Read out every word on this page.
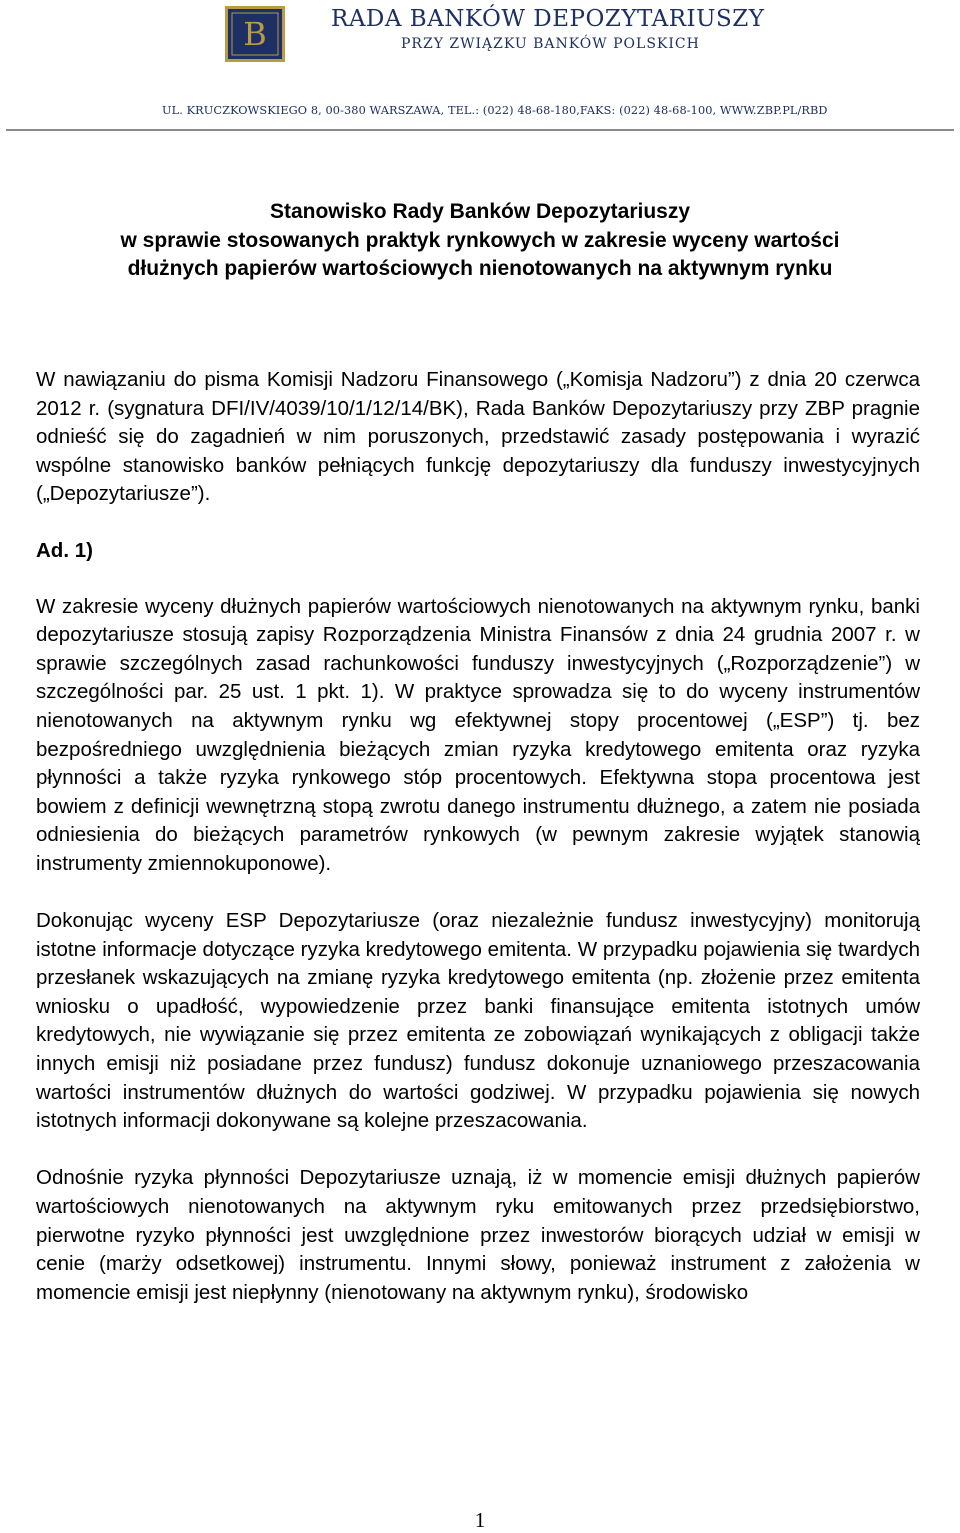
B	RADA BANKÓW DEPOZYTARIUSZY
PRZY ZWIĄZKU BANKÓW POLSKICH
UL. KRUCZKOWSKIEGO 8, 00-380 WARSZAWA, TEL.: (022) 48-68-180,FAKS: (022) 48-68-100, WWW.ZBP.PL/RBD
Stanowisko Rady Banków Depozytariuszy
w sprawie stosowanych praktyk rynkowych w zakresie wyceny wartości
dłużnych papierów wartościowych nienotowanych na aktywnym rynku

W nawiązaniu do pisma Komisji Nadzoru Finansowego („Komisja Nadzoru”) z dnia 20 czerwca 2012 r. (sygnatura DFI/IV/4039/10/1/12/14/BK), Rada Banków Depozytariuszy przy ZBP pragnie odnieść się do zagadnień w nim poruszonych, przedstawić zasady postępowania i wyrazić wspólne stanowisko banków pełniących funkcję depozytariuszy dla funduszy inwestycyjnych („Depozytariusze”).

Ad. 1)

W zakresie wyceny dłużnych papierów wartościowych nienotowanych na aktywnym rynku, banki depozytariusze stosują zapisy Rozporządzenia Ministra Finansów z dnia 24 grudnia 2007 r. w sprawie szczególnych zasad rachunkowości funduszy inwestycyjnych („Rozporządzenie”) w szczególności par. 25 ust. 1 pkt. 1). W praktyce sprowadza się to do wyceny instrumentów nienotowanych na aktywnym rynku wg efektywnej stopy procentowej („ESP”) tj. bez bezpośredniego uwzględnienia bieżących zmian ryzyka kredytowego emitenta oraz ryzyka płynności a także ryzyka rynkowego stóp procentowych. Efektywna stopa procentowa jest bowiem z definicji wewnętrzną stopą zwrotu danego instrumentu dłużnego, a zatem nie posiada odniesienia do bieżących parametrów rynkowych (w pewnym zakresie wyjątek stanowią instrumenty zmiennokuponowe).

Dokonując wyceny ESP Depozytariusze (oraz niezależnie fundusz inwestycyjny) monitorują istotne informacje dotyczące ryzyka kredytowego emitenta. W przypadku pojawienia się twardych przesłanek wskazujących na zmianę ryzyka kredytowego emitenta (np. złożenie przez emitenta wniosku o upadłość, wypowiedzenie przez banki finansujące emitenta istotnych umów kredytowych, nie wywiązanie się przez emitenta ze zobowiązań wynikających z obligacji także innych emisji niż posiadane przez fundusz) fundusz dokonuje uznaniowego przeszacowania wartości instrumentów dłużnych do wartości godziwej. W przypadku pojawienia się nowych istotnych informacji dokonywane są kolejne przeszacowania.

Odnośnie ryzyka płynności Depozytariusze uznają, iż w momencie emisji dłużnych papierów wartościowych nienotowanych na aktywnym ryku emitowanych przez przedsiębiorstwo, pierwotne ryzyko płynności jest uwzględnione przez inwestorów biorących udział w emisji w cenie (marży odsetkowej) instrumentu. Innymi słowy, ponieważ instrument z założenia w momencie emisji jest niepłynny (nienotowany na aktywnym rynku), środowisko

1
